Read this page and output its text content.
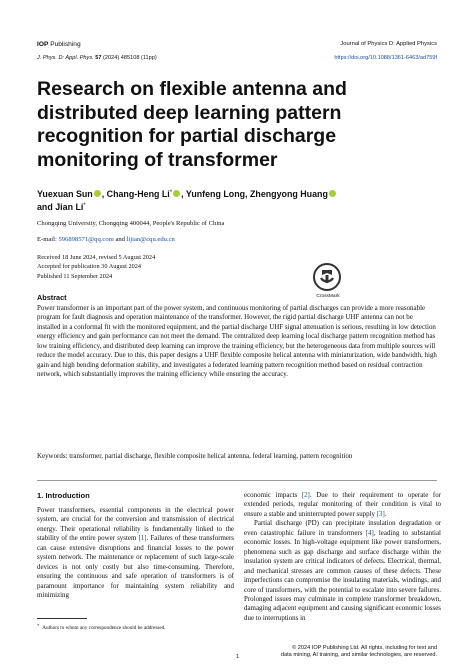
IOP Publishing	Journal of Physics D: Applied Physics
J. Phys. D: Appl. Phys. 57 (2024) 485108 (11pp)	https://doi.org/10.1088/1361-6463/ad759f
Research on flexible antenna and distributed deep learning pattern recognition for partial discharge monitoring of transformer
Yuexuan Sun , Chang-Heng Li* , Yunfeng Long, Zhengyong Huang
and Jian Li*
Chongqing University, Chongqing 400044, People's Republic of China
E-mail: 596898571@qq.com and lijian@cqu.edu.cn
Received 18 June 2024, revised 5 August 2024
Accepted for publication 30 August 2024
Published 11 September 2024
CrossMark
Abstract
Power transformer is an important part of the power system, and continuous monitoring of partial discharges can provide a more reasonable program for fault diagnosis and operation maintenance of the transformer. However, the rigid partial discharge UHF antenna can not be installed in a conformal fit with the monitored equipment, and the partial discharge UHF signal attenuation is serious, resulting in low detection energy efficiency and gain performance can not meet the demand. The centralized deep learning local discharge pattern recognition method has low training efficiency, and distributed deep learning can improve the training efficiency, but the heterogeneous data from multiple sources will reduce the model accuracy. Due to this, this paper designs a UHF flexible composite helical antenna with miniaturization, wide bandwidth, high gain and high bending deformation stability, and investigates a federated learning pattern recognition method based on residual contraction network, which substantially improves the training efficiency while ensuring the accuracy.
Keywords: transformer, partial discharge, flexible composite helical antenna, federal learning, pattern recognition
1. Introduction

Power transformers, essential components in the electrical power system, are crucial for the conversion and transmission of electrical energy. Their operational reliability is fundamentally linked to the stability of the entire power system [1]. Failures of these transformers can cause extensive disruptions and financial losses to the power system network. The maintenance or replacement of such large-scale devices is not only costly but also time-consuming. Therefore, ensuring the continuous and safe operation of transformers is of paramount importance for maintaining system reliability and minimizing

economic impacts [2]. Due to their requirement to operate for extended periods, regular monitoring of their condition is vital to ensure a stable and uninterrupted power supply [3].

Partial discharge (PD) can precipitate insulation degradation or even catastrophic failure in transformers [4], leading to substantial economic losses. In high-voltage equipment like power transformers, phenomena such as gap discharge and surface discharge within the insulation system are critical indicators of defects. Electrical, thermal, and mechanical stresses are common causes of these defects. These imperfections can compromise the insulating materials, windings, and core of transformers, with the potential to escalate into severe failures. Prolonged issues may culminate in complete transformer breakdown, damaging adjacent equipment and causing significant economic losses due to interruptions in

* Authors to whom any correspondence should be addressed.
1
© 2024 IOP Publishing Ltd. All rights, including for text and
data mining, AI training, and similar technologies, are reserved.
